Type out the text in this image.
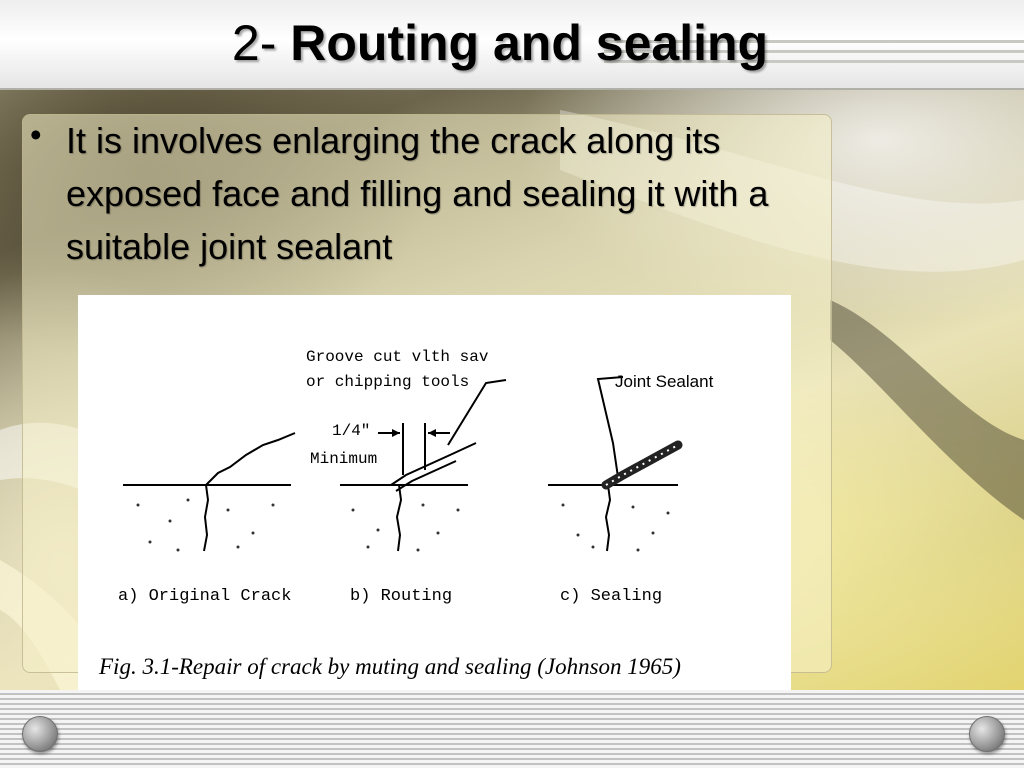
2- Routing and sealing
• It is involves enlarging the crack along its exposed face and filling and sealing it with a suitable joint sealant
Groove cut vlth sav
or chipping tools
1/4"
Minimum
a) Original Crack	b) Routing	c) Sealing
Joint Sealant
Fig. 3.1-Repair of crack by muting and sealing (Johnson 1965)
